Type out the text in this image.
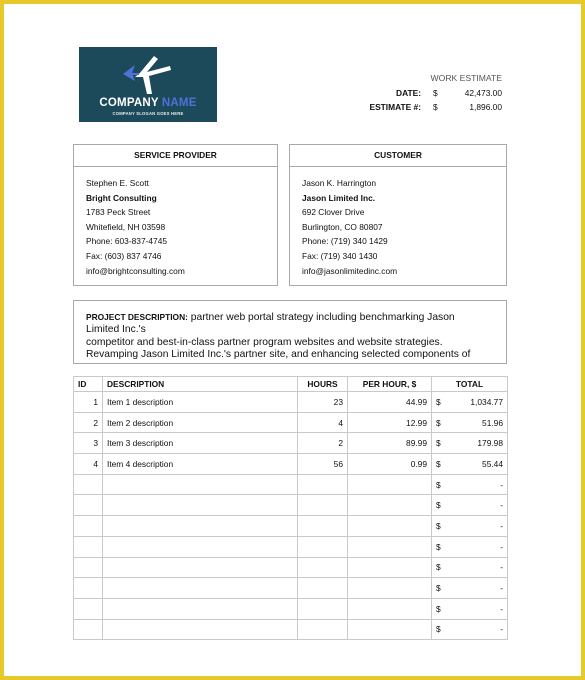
COMPANY NAME
COMPANY SLOGAN GOES HERE
WORK ESTIMATE
DATE: $	42,473.00
ESTIMATE #: $	1,896.00
SERVICE PROVIDER
Stephen E. Scott
Bright Consulting
1783 Peck Street
Whitefield, NH 03598
Phone: 603-837-4745
Fax: (603) 837 4746
info@brightconsulting.com
CUSTOMER
Jason K. Harrington
Jason Limited Inc.
692 Clover Drive
Burlington, CO 80807
Phone: (719) 340 1429
Fax: (719) 340 1430
info@jasonlimitedinc.com
PROJECT DESCRIPTION: partner web portal strategy including benchmarking Jason
Limited Inc.'s
competitor and best-in-class partner program websites and website strategies.
Revamping Jason Limited Inc.'s partner site, and enhancing selected components of
ID	DESCRIPTION	HOURS	PER HOUR, $	TOTAL
1	Item 1 description	23	44.99	$ 1,034.77

2	Item 2 description	4	12.99	$ 51.96

3	Item 3 description	2	89.99	$ 179.98

4	Item 4 description	56	0.99	$ 55.44

				$ -

				$ -

				$ -

				$ -

				$ -

				$ -

				$ -

				$ -
